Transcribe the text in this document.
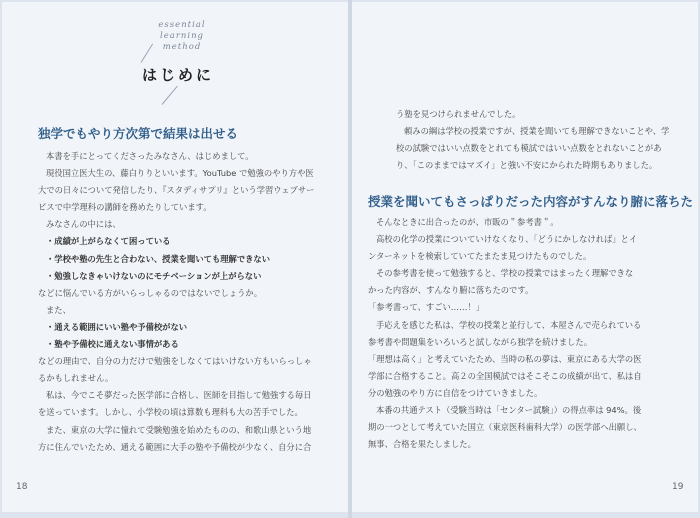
essential
learning
method
はじめに
独学でもやり方次第で結果は出せる

本書を手にとってくださったみなさん、はじめまして。

現役国立医大生の、藤白りりといいます。YouTube で勉強のやり方や医

大での日々について発信したり、『スタディサプリ』という学習ウェブサー

ビスで中学理科の講師を務めたりしています。

みなさんの中には、

・成績が上がらなくて困っている

・学校や塾の先生と合わない、授業を聞いても理解できない

・勉強しなきゃいけないのにモチベーションが上がらない

などに悩んでいる方がいらっしゃるのではないでしょうか。

また、

・通える範囲にいい塾や予備校がない

・塾や予備校に通えない事情がある

などの理由で、自分の力だけで勉強をしなくてはいけない方もいらっしゃ

るかもしれません。

私は、今でこそ夢だった医学部に合格し、医師を目指して勉強する毎日

を送っています。しかし、小学校の頃は算数も理科も大の苦手でした。

また、東京の大学に憧れて受験勉強を始めたものの、和歌山県という地

方に住んでいたため、通える範囲に大手の塾や予備校が少なく、自分に合

18

う塾を見つけられませんでした。

頼みの綱は学校の授業ですが、授業を聞いても理解できないことや、学

校の試験ではいい点数をとれても模試ではいい点数をとれないことがあ

り、「このままではマズイ」と強い不安にかられた時期もありました。

授業を聞いてもさっぱりだった内容がすんなり腑に落ちた

そんなときに出合ったのが、市販の＂参考書＂。

高校の化学の授業についていけなくなり、「どうにかしなければ」とイ

ンターネットを検索していてたまたま見つけたものでした。

その参考書を使って勉強すると、学校の授業ではまったく理解できな

かった内容が、すんなり腑に落ちたのです。

「参考書って、すごい……！」

手応えを感じた私は、学校の授業と並行して、本屋さんで売られている

参考書や問題集をいろいろと試しながら独学を続けました。

「理想は高く」と考えていたため、当時の私の夢は、東京にある大学の医

学部に合格すること。高２の全国模試ではそこそこの成績が出て、私は自

分の勉強のやり方に自信をつけていきました。

本番の共通テスト（受験当時は「センター試験」）の得点率は 94%。後

期の一つとして考えていた国立（東京医科歯科大学）の医学部へ出願し、

無事、合格を果たしました。

19
